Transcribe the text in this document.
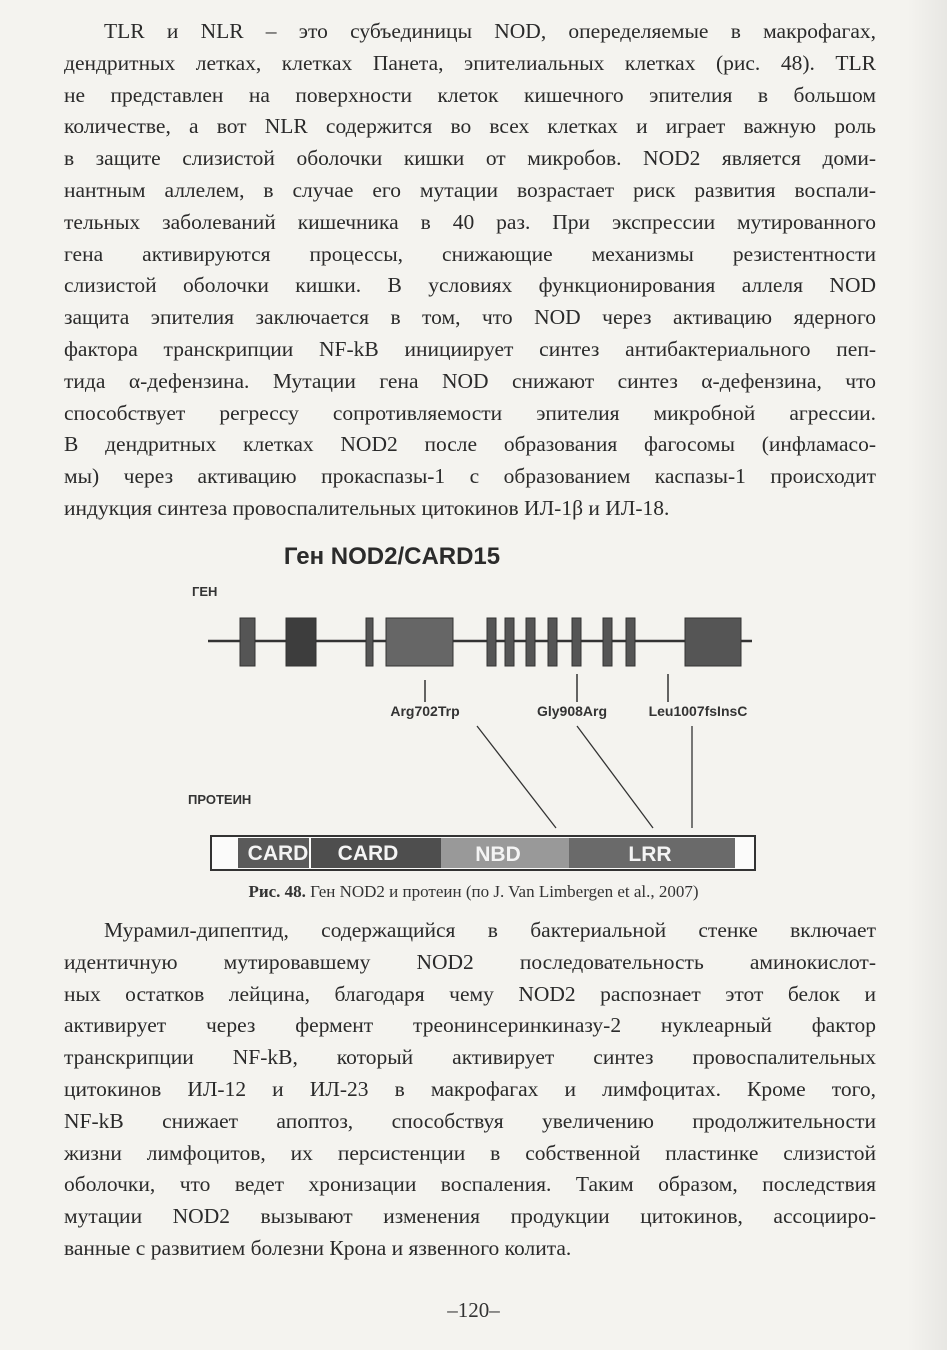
TLR и NLR – это субъединицы NOD, опеределяемые в макрофагах,
дендритных летках, клетках Панета, эпителиальных клетках (рис. 48). TLR
не представлен на поверхности клеток кишечного эпителия в большом
количестве, а вот NLR содержится во всех клетках и играет важную роль
в защите слизистой оболочки кишки от микробов. NOD2 является доми-
нантным аллелем, в случае его мутации возрастает риск развития воспали-
тельных заболеваний кишечника в 40 раз. При экспрессии мутированного
гена активируются процессы, снижающие механизмы резистентности
слизистой оболочки кишки. В условиях функционирования аллеля NOD
защита эпителия заключается в том, что NOD через активацию ядерного
фактора транскрипции NF-kB инициирует синтез антибактериального пеп-
тида α-дефензина. Мутации гена NOD снижают синтез α-дефензина, что
способствует регрессу сопротивляемости эпителия микробной агрессии.
В дендритных клетках NOD2 после образования фагосомы (инфламасо-
мы) через активацию прокаспазы-1 с образованием каспазы-1 происходит
индукция синтеза провоспалительных цитокинов ИЛ-1β и ИЛ-18.
Ген NOD2/CARD15
ГЕН
Arg702Trp	Gly908Arg	Leu1007fsInsC
ПРОТЕИН
CARD CARD	NBD	LRR
Рис. 48. Ген NOD2 и протеин (по J. Van Limbergen et al., 2007)
Мурамил-дипептид, содержащийся в бактериальной стенке включает
идентичную мутировавшему NOD2 последовательность аминокислот-
ных остатков лейцина, благодаря чему NOD2 распознает этот белок и
активирует через фермент треонинсеринкиназу-2 нуклеарный фактор
транскрипции NF-kB, который активирует синтез провоспалительных
цитокинов ИЛ-12 и ИЛ-23 в макрофагах и лимфоцитах. Кроме того,
NF-kB снижает апоптоз, способствуя увеличению продолжительности
жизни лимфоцитов, их персистенции в собственной пластинке слизистой
оболочки, что ведет хронизации воспаления. Таким образом, последствия
мутации NOD2 вызывают изменения продукции цитокинов, ассоцииро-
ванные с развитием болезни Крона и язвенного колита.
–120–
